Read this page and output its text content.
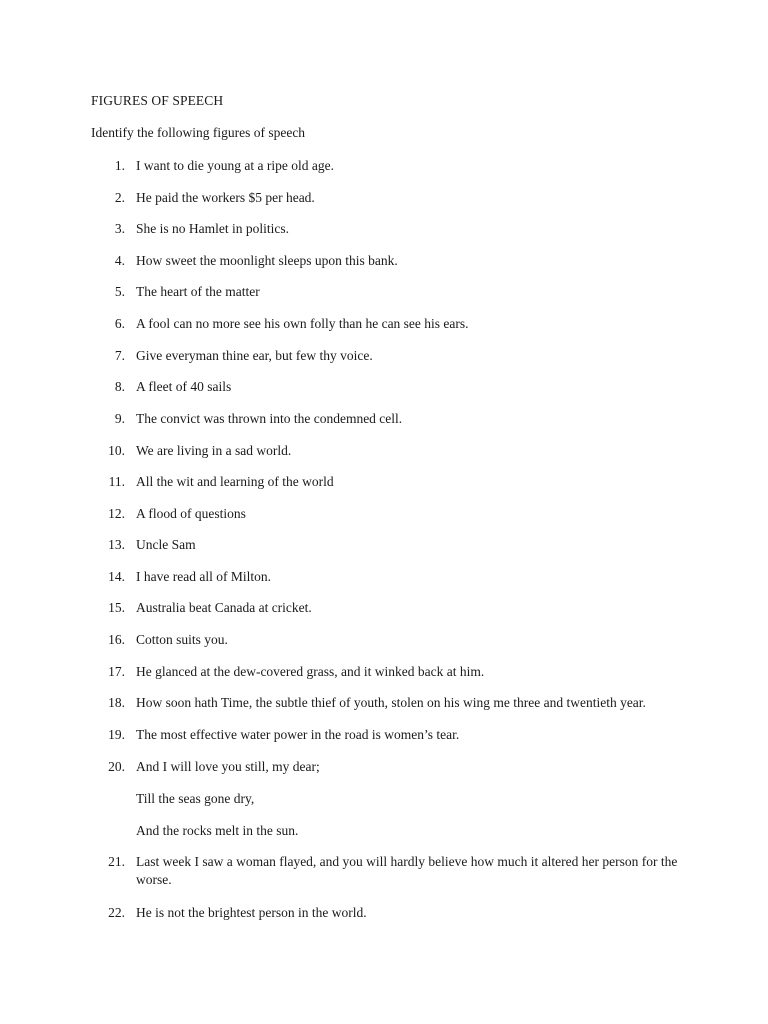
FIGURES OF SPEECH

Identify the following figures of speech

1. I want to die young at a ripe old age.
2. He paid the workers $5 per head.
3. She is no Hamlet in politics.
4. How sweet the moonlight sleeps upon this bank.
5. The heart of the matter
6. A fool can no more see his own folly than he can see his ears.
7. Give everyman thine ear, but few thy voice.
8. A fleet of 40 sails
9. The convict was thrown into the condemned cell.
10. We are living in a sad world.
11. All the wit and learning of the world
12. A flood of questions
13. Uncle Sam
14. I have read all of Milton.
15. Australia beat Canada at cricket.
16. Cotton suits you.
17. He glanced at the dew-covered grass, and it winked back at him.
18. How soon hath Time, the subtle thief of youth, stolen on his wing me three and twentieth year.
19. The most effective water power in the road is women’s tear.
20. And I will love you still, my dear;
21. Last week I saw a woman flayed, and you will hardly believe how much it altered her person for the worse.
22. He is not the brightest person in the world.
Till the seas gone dry,
And the rocks melt in the sun.
